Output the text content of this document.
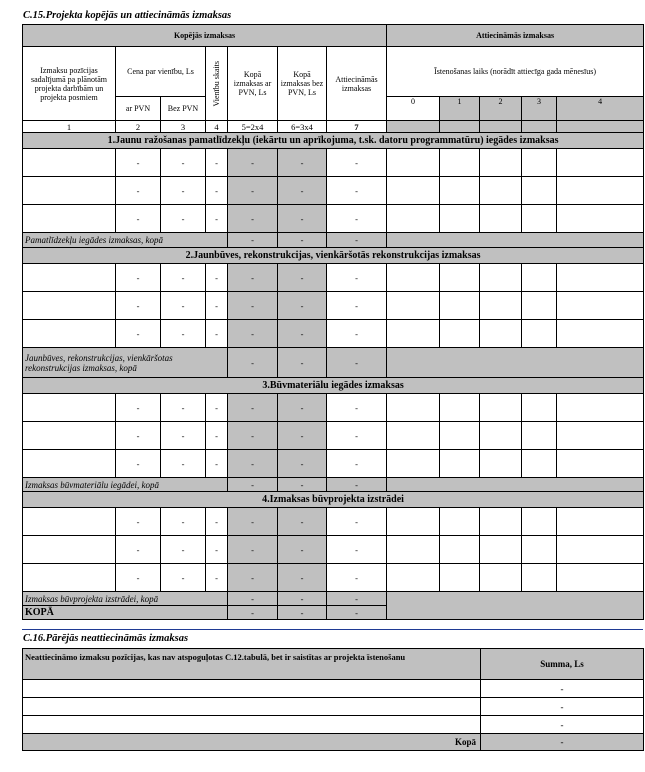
C.15.Projekta kopējās un attiecināmās izmaksas
Kopējās izmaksas							Attiecināmās izmaksas				
Izmaksu pozīcijas sadalījumā pa plānotām projekta darbībām un projekta posmiem	Cena par vienību, Ls		Vienību skaits	Kopā izmaksas ar PVN, Ls	Kopā izmaksas bez PVN, Ls	Attiecināmās izmaksas	Īstenošanas laiks (norādīt attiecīga gada mēnesīus)				
	ar PVN	Bez PVN					0	1	2	3	4
1	2	3	4	5=2x4	6=3x4	7					
1.Jaunu ražošanas pamatlīdzekļu (iekārtu un aprīkojuma, t.sk. datoru programmatūru) iegādes izmaksas											
	-	-	-	-	-	-					
	-	-	-	-	-	-					
	-	-	-	-	-	-					
Pamatlīdzekļu iegādes izmaksas, kopā				-	-	-					
2.Jaunbūves, rekonstrukcijas, vienkāršotās rekonstrukcijas izmaksas											
	-	-	-	-	-	-					
	-	-	-	-	-	-					
	-	-	-	-	-	-					
Jaunbūves, rekonstrukcijas, vienkāršotas rekonstrukcijas izmaksas, kopā				-	-	-					
3.Būvmateriālu iegādes izmaksas											
	-	-	-	-	-	-					
	-	-	-	-	-	-					
	-	-	-	-	-	-					
Izmaksas būvmateriālu iegādei, kopā				-	-	-					
4.Izmaksas būvprojekta izstrādei											
	-	-	-	-	-	-					
	-	-	-	-	-	-					
	-	-	-	-	-	-					
Izmaksas būvprojekta izstrādei, kopā				-	-	-					
KOPĀ				-	-	-					
C.16.Pārējās neattiecināmās izmaksas
Neattiecināmo izmaksu pozīcijas, kas nav atspoguļotas C.12.tabulā, bet ir saistītas ar projekta īstenošanu	Summa, Ls
	-
	-
	-
Kopā	-
